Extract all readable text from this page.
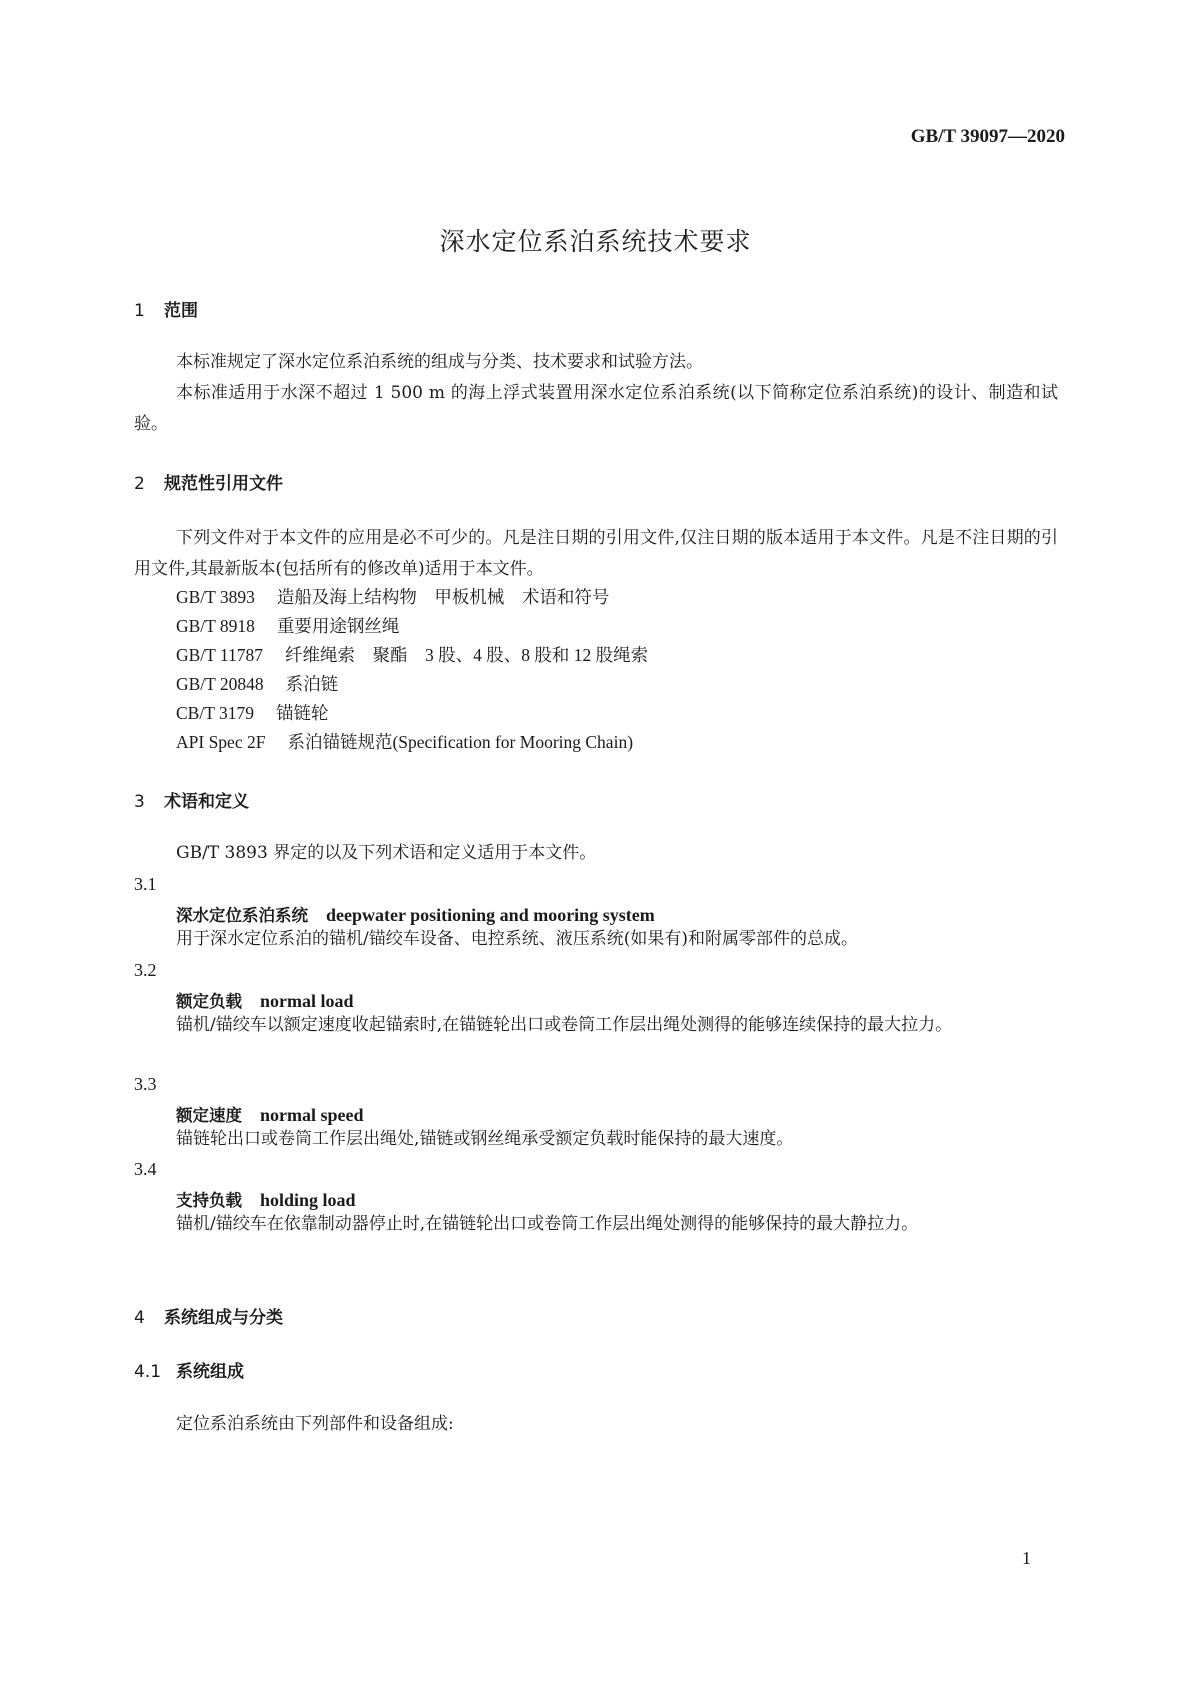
GB/T 39097—2020
深水定位系泊系统技术要求
1 范围
本标准规定了深水定位系泊系统的组成与分类、技术要求和试验方法。
本标准适用于水深不超过 1 500 m 的海上浮式装置用深水定位系泊系统(以下简称定位系泊系统)的设计、制造和试验。
2 规范性引用文件
下列文件对于本文件的应用是必不可少的。凡是注日期的引用文件,仅注日期的版本适用于本文件。凡是不注日期的引用文件,其最新版本(包括所有的修改单)适用于本文件。
GB/T 3893 造船及海上结构物　甲板机械　术语和符号
GB/T 8918 重要用途钢丝绳
GB/T 11787 纤维绳索　聚酯　3 股、4 股、8 股和 12 股绳索
GB/T 20848 系泊链
CB/T 3179 锚链轮
API Spec 2F 系泊锚链规范(Specification for Mooring Chain)
3 术语和定义
GB/T 3893 界定的以及下列术语和定义适用于本文件。
3.1
深水定位系泊系统 deepwater positioning and mooring system
用于深水定位系泊的锚机/锚绞车设备、电控系统、液压系统(如果有)和附属零部件的总成。
3.2
额定负载 normal load
锚机/锚绞车以额定速度收起锚索时,在锚链轮出口或卷筒工作层出绳处测得的能够连续保持的最大拉力。
3.3
额定速度 normal speed
锚链轮出口或卷筒工作层出绳处,锚链或钢丝绳承受额定负载时能保持的最大速度。
3.4
支持负载 holding load
锚机/锚绞车在依靠制动器停止时,在锚链轮出口或卷筒工作层出绳处测得的能够保持的最大静拉力。
4 系统组成与分类
4.1 系统组成
定位系泊系统由下列部件和设备组成:
1
